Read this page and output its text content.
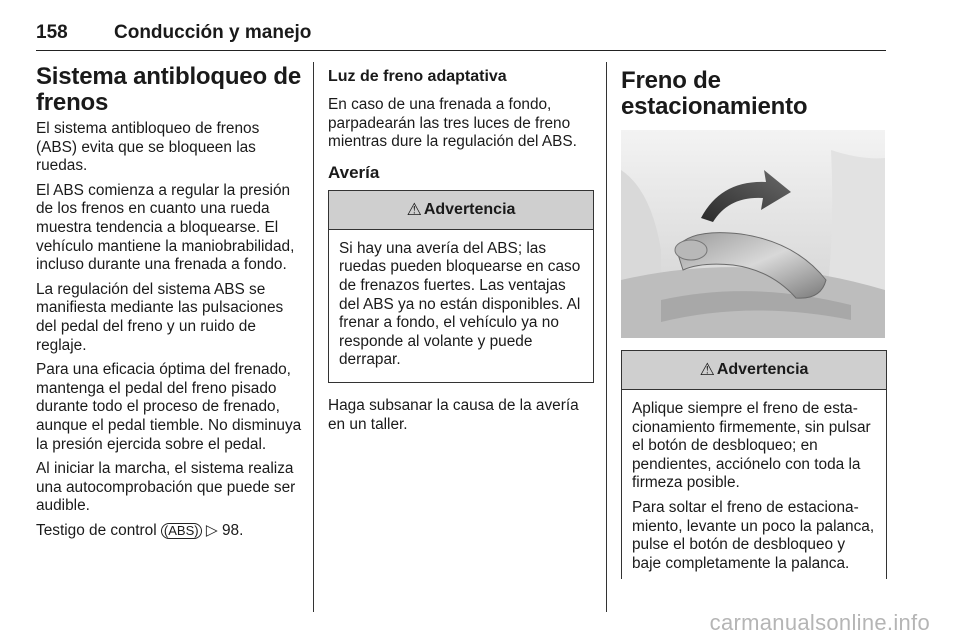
158 Conducción y manejo
Sistema antibloqueo de frenos

El sistema antibloqueo de frenos (ABS) evita que se bloqueen las ruedas.

El ABS comienza a regular la presión de los frenos en cuanto una rueda muestra tendencia a bloquearse. El vehículo mantiene la maniobrabilidad, incluso durante una frenada a fondo.

La regulación del sistema ABS se manifiesta mediante las pulsaciones del pedal del freno y un ruido de reglaje.

Para una eficacia óptima del frenado, mantenga el pedal del freno pisado durante todo el proceso de frenado, aunque el pedal tiemble. No disminuya la presión ejercida sobre el pedal.

Al iniciar la marcha, el sistema realiza una autocomprobación que puede ser audible.

Testigo de control (ABS) ▷ 98.

Luz de freno adaptativa

En caso de una frenada a fondo, parpadearán las tres luces de freno mientras dure la regulación del ABS.

Avería
⚠ Advertencia

Si hay una avería del ABS; las ruedas pueden bloquearse en caso de frenazos fuertes. Las ventajas del ABS ya no están disponibles. Al frenar a fondo, el vehículo ya no responde al volante y puede derrapar.

Haga subsanar la causa de la avería en un taller.

Freno de estacionamiento
⚠ Advertencia

Aplique siempre el freno de estacionamiento firmemente, sin pulsar el botón de desbloqueo; en pendientes, acciónelo con toda la firmeza posible.

Para soltar el freno de estacionamiento, levante un poco la palanca, pulse el botón de desbloqueo y baje completamente la palanca.

carmanualsonline.info
